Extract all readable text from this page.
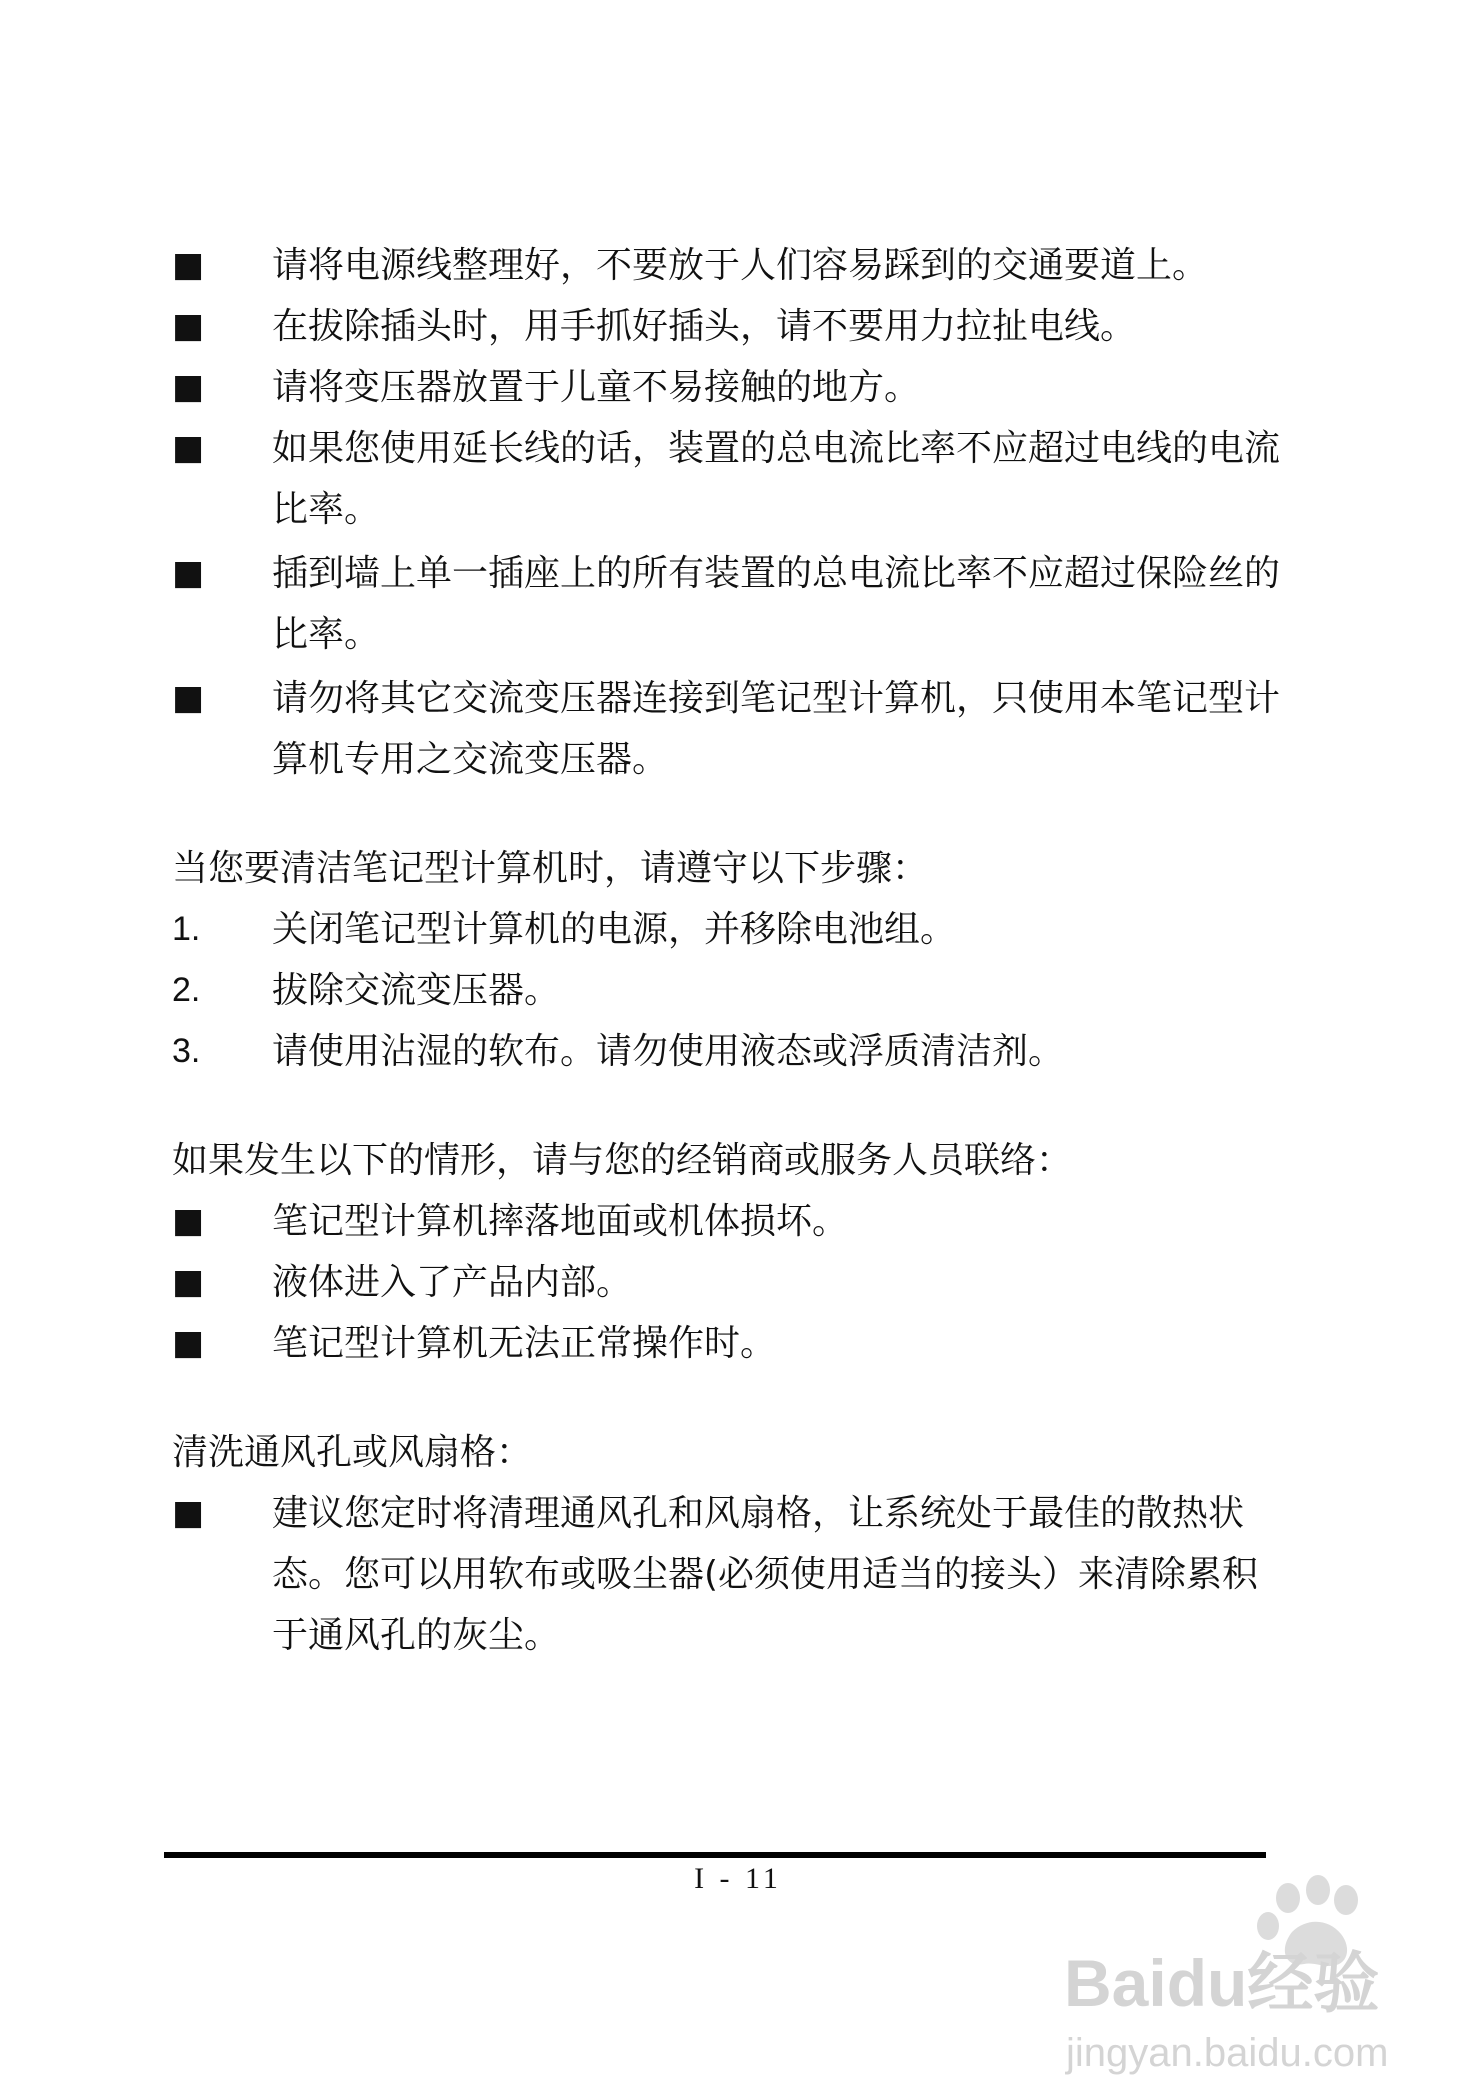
■	请将电源线整理好，不要放于人们容易踩到的交通要道上。
■	在拔除插头时，用手抓好插头，请不要用力拉扯电线。
■	请将变压器放置于儿童不易接触的地方。
■	如果您使用延长线的话，装置的总电流比率不应超过电线的电流比率。
■	插到墙上单一插座上的所有装置的总电流比率不应超过保险丝的比率。
■	请勿将其它交流变压器连接到笔记型计算机，只使用本笔记型计算机专用之交流变压器。
当您要清洁笔记型计算机时，请遵守以下步骤：
1.	关闭笔记型计算机的电源，并移除电池组。
2.	拔除交流变压器。
3.	请使用沾湿的软布。请勿使用液态或浮质清洁剂。
如果发生以下的情形，请与您的经销商或服务人员联络：
■	笔记型计算机摔落地面或机体损坏。
■	液体进入了产品内部。
■	笔记型计算机无法正常操作时。
清洗通风孔或风扇格：
■	建议您定时将清理通风孔和风扇格，让系统处于最佳的散热状态。您可以用软布或吸尘器(必须使用适当的接头）来清除累积于通风孔的灰尘。
I - 11
Baidu经验
jingyan.baidu.com
